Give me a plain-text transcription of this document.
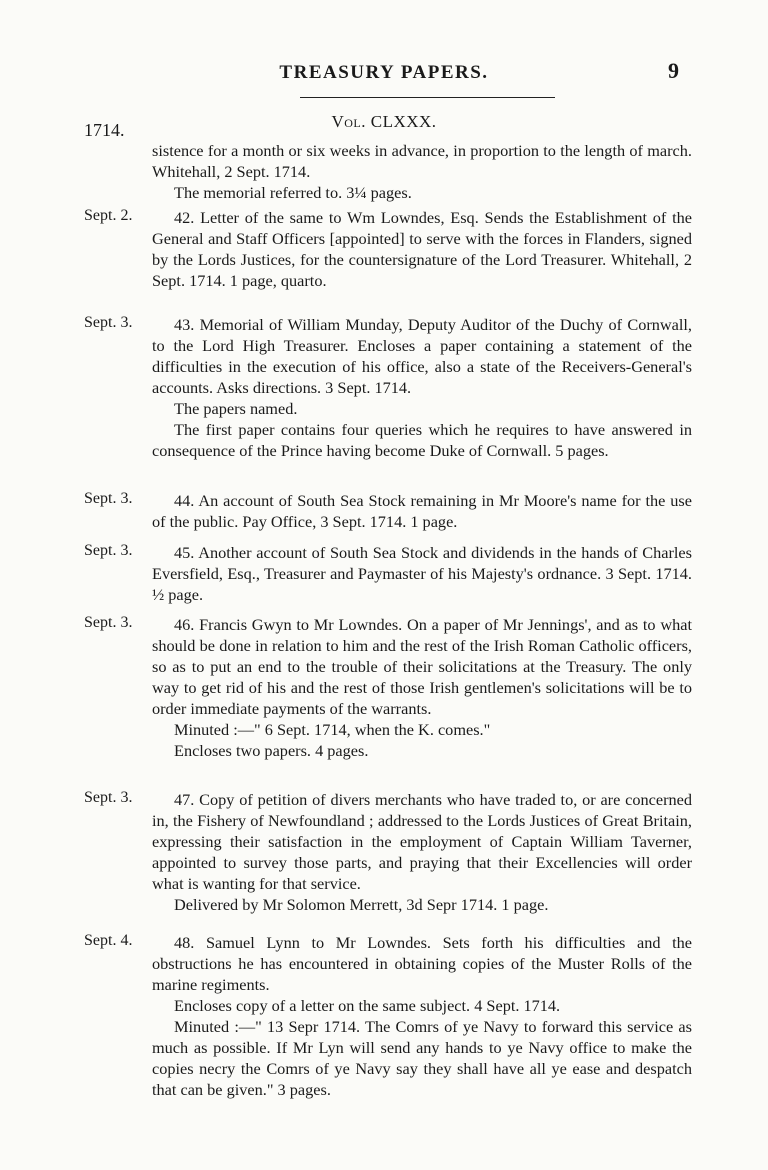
TREASURY PAPERS.	9
Vol. CLXXX.
1714.

sistence for a month or six weeks in advance, in proportion to the length of march. Whitehall, 2 Sept. 1714.

The memorial referred to. 3¼ pages.

Sept. 2.	42. Letter of the same to Wm Lowndes, Esq. Sends the Establishment of the General and Staff Officers [appointed] to serve with the forces in Flanders, signed by the Lords Justices, for the countersignature of the Lord Treasurer. Whitehall, 2 Sept. 1714. 1 page, quarto.

Sept. 3.	43. Memorial of William Munday, Deputy Auditor of the Duchy of Cornwall, to the Lord High Treasurer. Encloses a paper containing a statement of the difficulties in the execution of his office, also a state of the Receivers-General's accounts. Asks directions. 3 Sept. 1714.

The papers named.

The first paper contains four queries which he requires to have answered in consequence of the Prince having become Duke of Cornwall. 5 pages.

Sept. 3.	44. An account of South Sea Stock remaining in Mr Moore's name for the use of the public. Pay Office, 3 Sept. 1714. 1 page.

Sept. 3.	45. Another account of South Sea Stock and dividends in the hands of Charles Eversfield, Esq., Treasurer and Paymaster of his Majesty's ordnance. 3 Sept. 1714. ½ page.

Sept. 3.	46. Francis Gwyn to Mr Lowndes. On a paper of Mr Jennings', and as to what should be done in relation to him and the rest of the Irish Roman Catholic officers, so as to put an end to the trouble of their solicitations at the Treasury. The only way to get rid of his and the rest of those Irish gentlemen's solicitations will be to order immediate payments of the warrants.

Minuted :—" 6 Sept. 1714, when the K. comes."

Encloses two papers. 4 pages.

Sept. 3.	47. Copy of petition of divers merchants who have traded to, or are concerned in, the Fishery of Newfoundland ; addressed to the Lords Justices of Great Britain, expressing their satisfaction in the employment of Captain William Taverner, appointed to survey those parts, and praying that their Excellencies will order what is wanting for that service.

Delivered by Mr Solomon Merrett, 3d Sepr 1714. 1 page.

Sept. 4.	48. Samuel Lynn to Mr Lowndes. Sets forth his difficulties and the obstructions he has encountered in obtaining copies of the Muster Rolls of the marine regiments.

Encloses copy of a letter on the same subject. 4 Sept. 1714.

Minuted :—" 13 Sepr 1714. The Comrs of ye Navy to forward this service as much as possible. If Mr Lyn will send any hands to ye Navy office to make the copies necry the Comrs of ye Navy say they shall have all ye ease and despatch that can be given." 3 pages.
